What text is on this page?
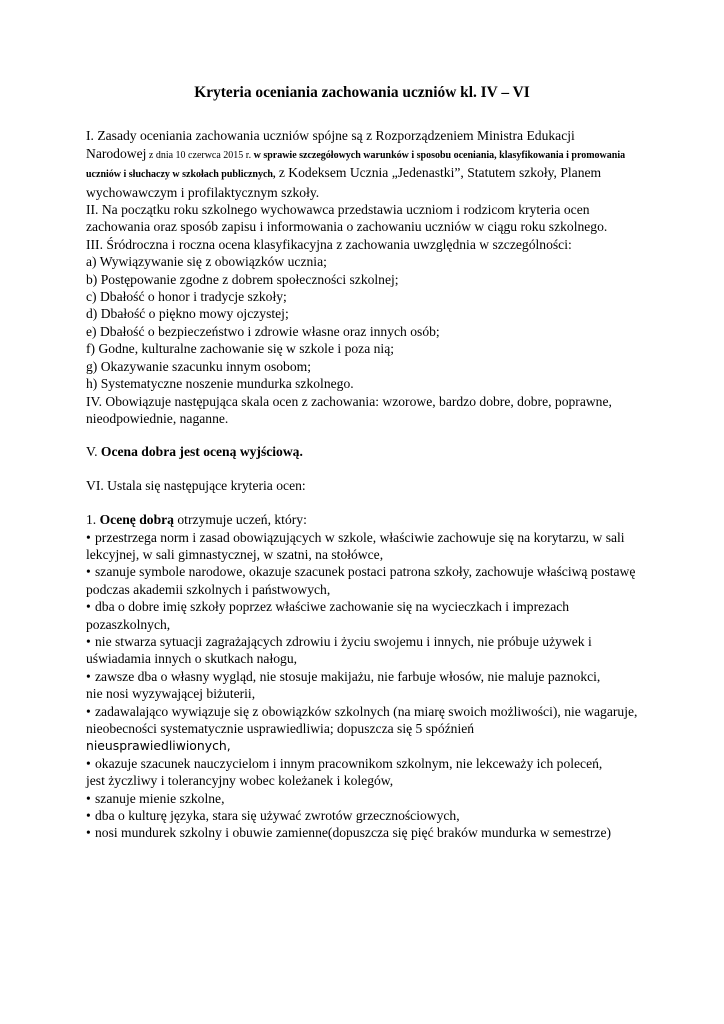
Kryteria oceniania zachowania uczniów kl. IV – VI

I. Zasady oceniania zachowania uczniów spójne są z Rozporządzeniem Ministra Edukacji Narodowej z dnia 10 czerwca 2015 r. w sprawie szczegółowych warunków i sposobu oceniania, klasyfikowania i promowania uczniów i słuchaczy w szkołach publicznych, z Kodeksem Ucznia „Jedenastki”, Statutem szkoły, Planem wychowawczym i profilaktycznym szkoły.

II. Na początku roku szkolnego wychowawca przedstawia uczniom i rodzicom kryteria ocen zachowania oraz sposób zapisu i informowania o zachowaniu uczniów w ciągu roku szkolnego.

III. Śródroczna i roczna ocena klasyfikacyjna z zachowania uwzględnia w szczególności:

a) Wywiązywanie się z obowiązków ucznia;

b) Postępowanie zgodne z dobrem społeczności szkolnej;

c) Dbałość o honor i tradycje szkoły;

d) Dbałość o piękno mowy ojczystej;

e) Dbałość o bezpieczeństwo i zdrowie własne oraz innych osób;

f) Godne, kulturalne zachowanie się w szkole i poza nią;

g) Okazywanie szacunku innym osobom;

h) Systematyczne noszenie mundurka szkolnego.

IV. Obowiązuje następująca skala ocen z zachowania: wzorowe, bardzo dobre, dobre, poprawne, nieodpowiednie, naganne.

V. Ocena dobra jest oceną wyjściową.

VI. Ustala się następujące kryteria ocen:

1. Ocenę dobrą otrzymuje uczeń, który:

• przestrzega norm i zasad obowiązujących w szkole, właściwie zachowuje się na korytarzu, w sali lekcyjnej, w sali gimnastycznej, w szatni, na stołówce,

• szanuje symbole narodowe, okazuje szacunek postaci patrona szkoły, zachowuje właściwą postawę podczas akademii szkolnych i państwowych,

• dba o dobre imię szkoły poprzez właściwe zachowanie się na wycieczkach i imprezach pozaszkolnych,

• nie stwarza sytuacji zagrażających zdrowiu i życiu swojemu i innych, nie próbuje używek i uświadamia innych o skutkach nałogu,

• zawsze dba o własny wygląd, nie stosuje makijażu, nie farbuje włosów, nie maluje paznokci,

nie nosi wyzywającej biżuterii,

• zadawalająco wywiązuje się z obowiązków szkolnych (na miarę swoich możliwości), nie wagaruje, nieobecności systematycznie usprawiedliwia; dopuszcza się 5 spóźnień

nieusprawiedliwionych,

• okazuje szacunek nauczycielom i innym pracownikom szkolnym, nie lekceważy ich poleceń,

jest życzliwy i tolerancyjny wobec koleżanek i kolegów,

• szanuje mienie szkolne,

• dba o kulturę języka, stara się używać zwrotów grzecznościowych,

• nosi mundurek szkolny i obuwie zamienne(dopuszcza się pięć braków mundurka w semestrze)
